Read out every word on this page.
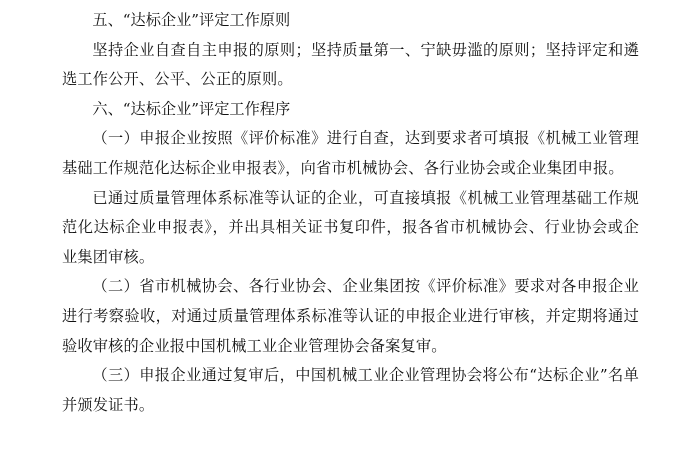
五、“达标企业”评定工作原则

坚持企业自查自主申报的原则；坚持质量第一、宁缺毋滥的原则；坚持评定和遴选工作公开、公平、公正的原则。

六、“达标企业”评定工作程序

（一）申报企业按照《评价标准》进行自查，达到要求者可填报《机械工业管理基础工作规范化达标企业申报表》，向省市机械协会、各行业协会或企业集团申报。

已通过质量管理体系标准等认证的企业，可直接填报《机械工业管理基础工作规范化达标企业申报表》，并出具相关证书复印件，报各省市机械协会、行业协会或企业集团审核。

（二）省市机械协会、各行业协会、企业集团按《评价标准》要求对各申报企业进行考察验收，对通过质量管理体系标准等认证的申报企业进行审核，并定期将通过验收审核的企业报中国机械工业企业管理协会备案复审。

（三）申报企业通过复审后，中国机械工业企业管理协会将公布“达标企业”名单并颁发证书。
